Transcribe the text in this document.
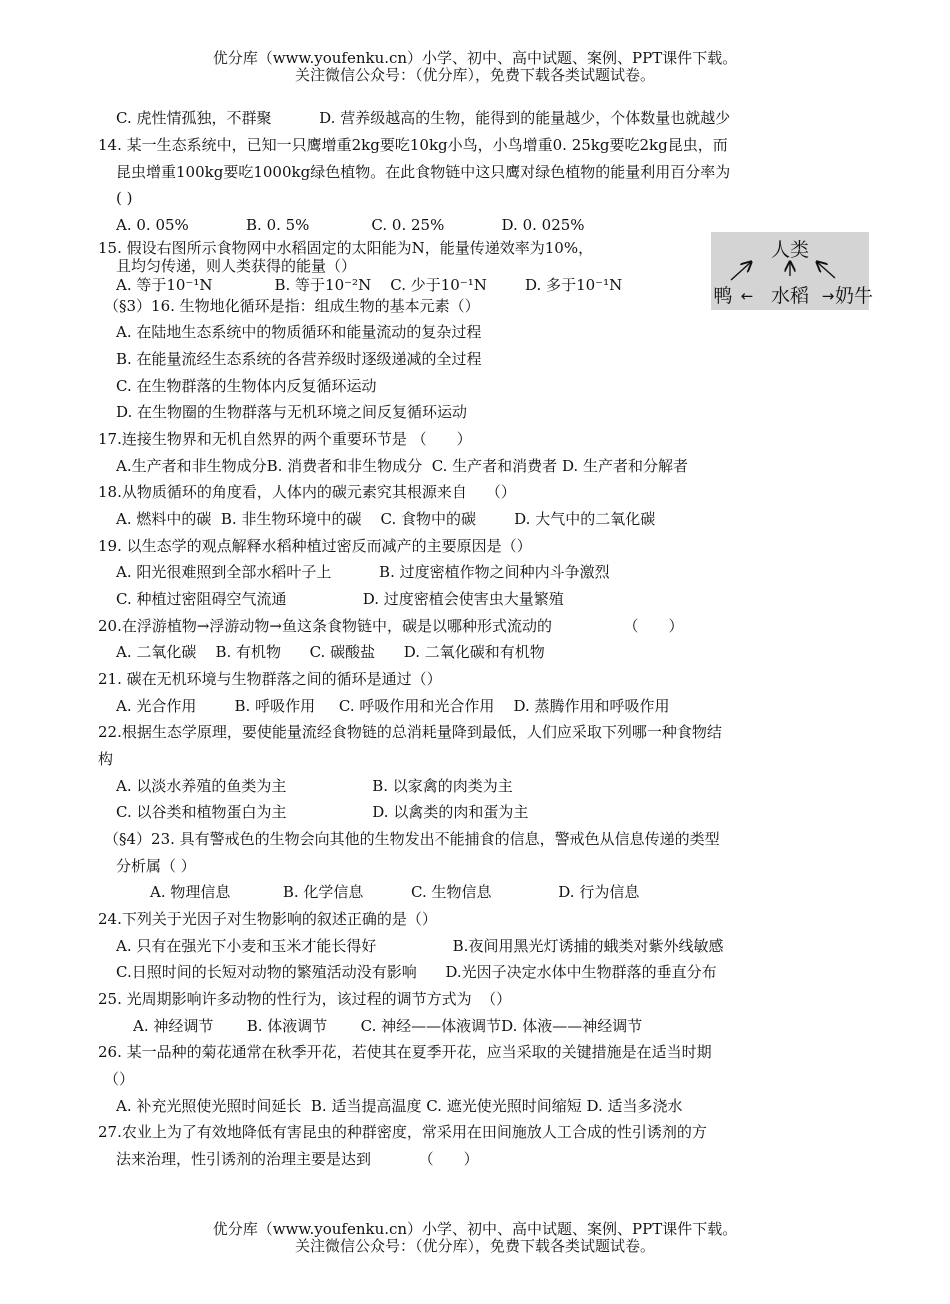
优分库（www.youfenku.cn）小学、初中、高中试题、案例、PPT课件下载。
关注微信公众号：（优分库），免费下载各类试题试卷。
C. 虎性情孤独，不群聚          D. 营养级越高的生物，能得到的能量越少，个体数量也就越少
14. 某一生态系统中，已知一只鹰增重2kg要吃10kg小鸟，小鸟增重0. 25kg要吃2kg昆虫，而
昆虫增重100kg要吃1000kg绿色植物。在此食物链中这只鹰对绿色植物的能量利用百分率为
( )
A. 0. 05%            B. 0. 5%             C. 0. 25%            D. 0. 025%
15. 假设右图所示食物网中水稻固定的太阳能为N，能量传递效率为10%，
且均匀传递，则人类获得的能量（）
A. 等于10⁻¹N             B. 等于10⁻²N    C. 少于10⁻¹N        D. 多于10⁻¹N
（§3）16. 生物地化循环是指：组成生物的基本元素（）
A. 在陆地生态系统中的物质循环和能量流动的复杂过程
B. 在能量流经生态系统的各营养级时逐级递减的全过程
C. 在生物群落的生物体内反复循环运动
D. 在生物圈的生物群落与无机环境之间反复循环运动
17.连接生物界和无机自然界的两个重要环节是 （　　）
A.生产者和非生物成分B. 消费者和非生物成分  C. 生产者和消费者 D. 生产者和分解者
18.从物质循环的角度看，人体内的碳元素究其根源来自    （）
A. 燃料中的碳  B. 非生物环境中的碳    C. 食物中的碳        D. 大气中的二氧化碳
19. 以生态学的观点解释水稻种植过密反而减产的主要原因是（）
A. 阳光很难照到全部水稻叶子上          B. 过度密植作物之间种内斗争激烈
C. 种植过密阻碍空气流通                D. 过度密植会使害虫大量繁殖
20.在浮游植物→浮游动物→鱼这条食物链中，碳是以哪种形式流动的               （　　）
A. 二氧化碳    B. 有机物      C. 碳酸盐      D. 二氧化碳和有机物
21. 碳在无机环境与生物群落之间的循环是通过（）
A. 光合作用        B. 呼吸作用     C. 呼吸作用和光合作用    D. 蒸腾作用和呼吸作用
22.根据生态学原理，要使能量流经食物链的总消耗量降到最低，人们应采取下列哪一种食物结
构
A. 以淡水养殖的鱼类为主                  B. 以家禽的肉类为主
C. 以谷类和植物蛋白为主                  D. 以禽类的肉和蛋为主
（§4）23. 具有警戒色的生物会向其他的生物发出不能捕食的信息，警戒色从信息传递的类型
分析属（ ）
A. 物理信息           B. 化学信息          C. 生物信息              D. 行为信息
24.下列关于光因子对生物影响的叙述正确的是（）
A. 只有在强光下小麦和玉米才能长得好                B.夜间用黑光灯诱捕的蛾类对紫外线敏感
C.日照时间的长短对动物的繁殖活动没有影响      D.光因子决定水体中生物群落的垂直分布
25. 光周期影响许多动物的性行为，该过程的调节方式为  （）
A. 神经调节       B. 体液调节       C. 神经——体液调节D. 体液——神经调节
26. 某一品种的菊花通常在秋季开花，若使其在夏季开花，应当采取的关键措施是在适当时期
（）
A. 补充光照使光照时间延长  B. 适当提高温度 C. 遮光使光照时间缩短 D. 适当多浇水
27.农业上为了有效地降低有害昆虫的种群密度，常采用在田间施放人工合成的性引诱剂的方
法来治理，性引诱剂的治理主要是达到          （　　）
人类
鸭 ← 水稻 → 奶牛
优分库（www.youfenku.cn）小学、初中、高中试题、案例、PPT课件下载。
关注微信公众号：（优分库），免费下载各类试题试卷。
